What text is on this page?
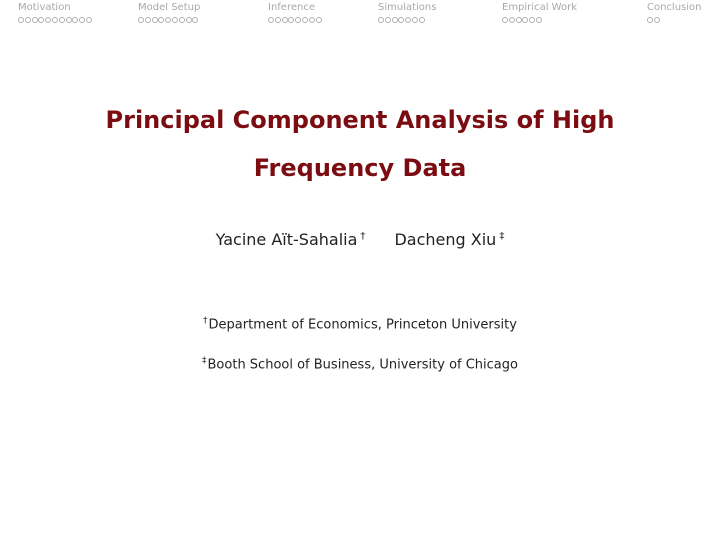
Motivation	Model Setup	Inference	Simulations	Empirical Work	Conclusion
Principal Component Analysis of High
Frequency Data
Yacine Aït-Sahalia † Dacheng Xiu ‡
†Department of Economics, Princeton University
‡Booth School of Business, University of Chicago
